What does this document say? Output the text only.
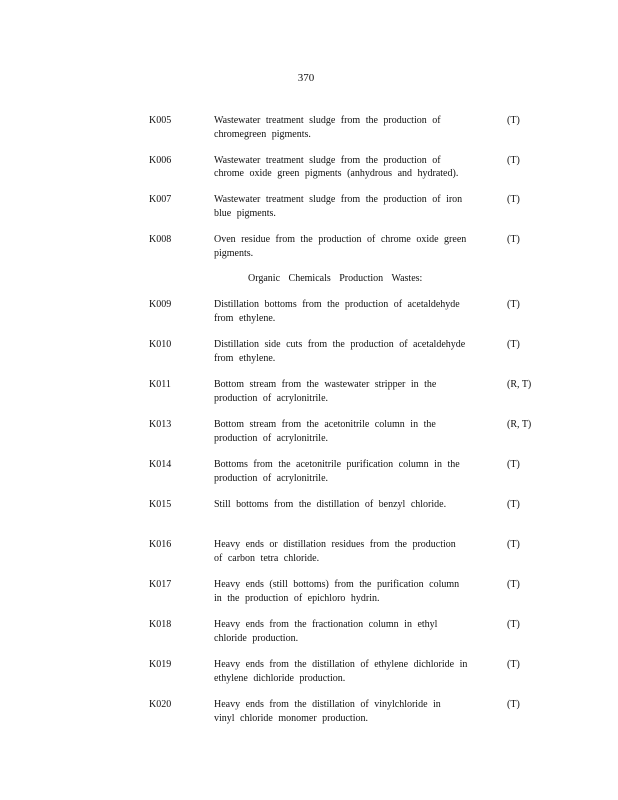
370
K005	Wastewater treatment sludge from the production of
chromegreen pigments.
(T)
K006	Wastewater treatment sludge from the production of
chrome oxide green pigments (anhydrous and hydrated).
(T)
K007	Wastewater treatment sludge from the production of iron
blue pigments.
(T)
K008	Oven residue from the production of chrome oxide green
pigments.
(T)
Organic Chemicals Production Wastes:
K009	Distillation bottoms from the production of acetaldehyde
from ethylene.
(T)
K010	Distillation side cuts from the production of acetaldehyde
from ethylene.
(T)
K011	Bottom stream from the wastewater stripper in the
production of acrylonitrile.
(R, T)
K013	Bottom stream from the acetonitrile column in the
production of acrylonitrile.
(R, T)
K014	Bottoms from the acetonitrile purification column in the
production of acrylonitrile.
(T)
K015	Still bottoms from the distillation of benzyl chloride.	(T)
K016	Heavy ends or distillation residues from the production
of carbon tetra chloride.
(T)
K017	Heavy ends (still bottoms) from the purification column
in the production of epichloro hydrin.
(T)
K018	Heavy ends from the fractionation column in ethyl
chloride production.
(T)
K019	Heavy ends from the distillation of ethylene dichloride in
ethylene dichloride production.
(T)
K020	Heavy ends from the distillation of vinylchloride in
vinyl chloride monomer production.
(T)
